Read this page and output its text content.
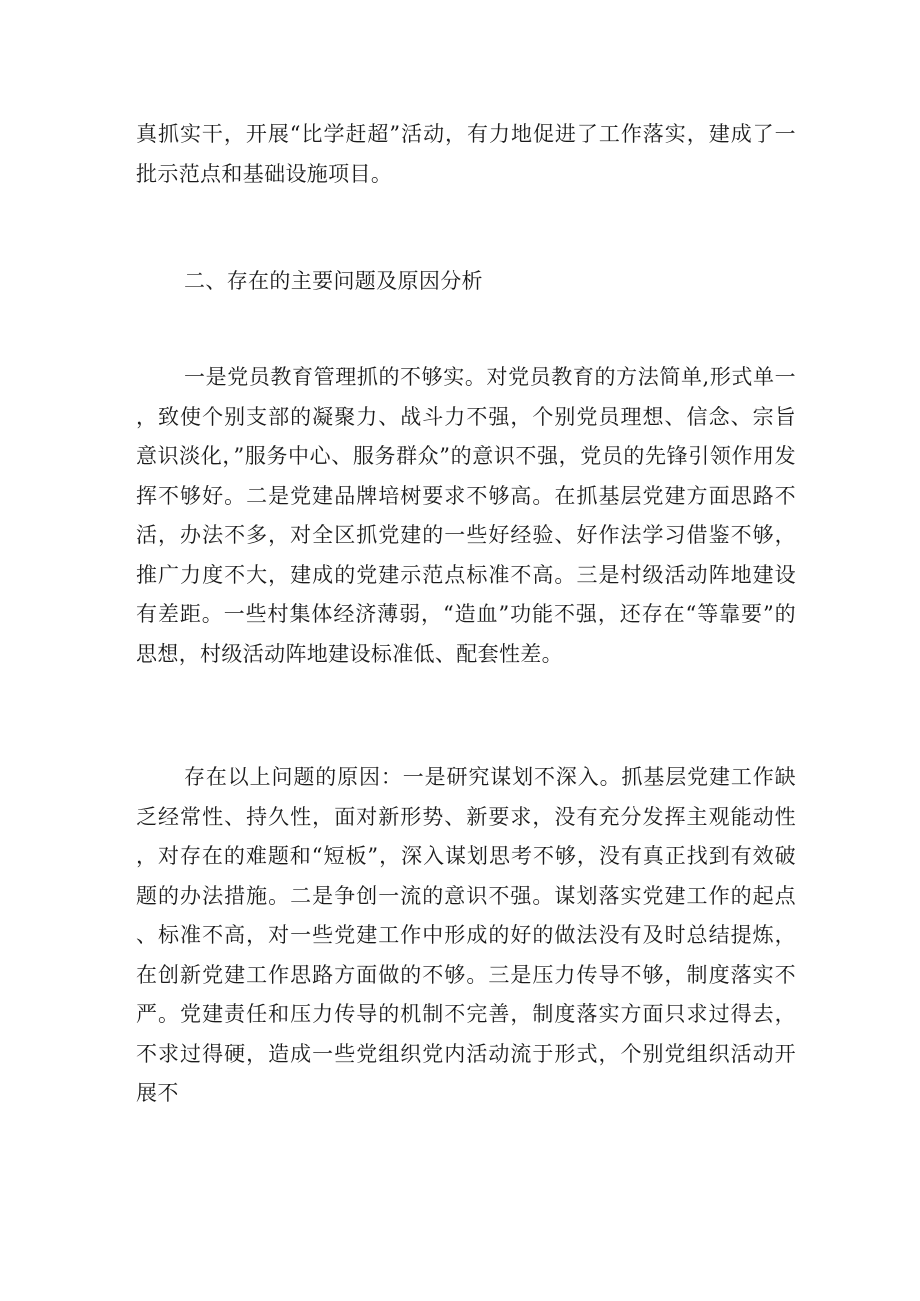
真抓实干，开展“比学赶超”活动，有力地促进了工作落实，建成了一批示范点和基础设施项目。

二、存在的主要问题及原因分析

一是党员教育管理抓的不够实。对党员教育的方法简单,形式单一，致使个别支部的凝聚力、战斗力不强，个别党员理想、信念、宗旨意识淡化，”服务中心、服务群众”的意识不强，党员的先锋引领作用发挥不够好。二是党建品牌培树要求不够高。在抓基层党建方面思路不活，办法不多，对全区抓党建的一些好经验、好作法学习借鉴不够，推广力度不大，建成的党建示范点标准不高。三是村级活动阵地建设有差距。一些村集体经济薄弱，“造血”功能不强，还存在“等靠要”的思想，村级活动阵地建设标准低、配套性差。

存在以上问题的原因：一是研究谋划不深入。抓基层党建工作缺乏经常性、持久性，面对新形势、新要求，没有充分发挥主观能动性，对存在的难题和“短板”，深入谋划思考不够，没有真正找到有效破题的办法措施。二是争创一流的意识不强。谋划落实党建工作的起点、标准不高，对一些党建工作中形成的好的做法没有及时总结提炼，在创新党建工作思路方面做的不够。三是压力传导不够，制度落实不严。党建责任和压力传导的机制不完善，制度落实方面只求过得去，不求过得硬，造成一些党组织党内活动流于形式，个别党组织活动开展不
